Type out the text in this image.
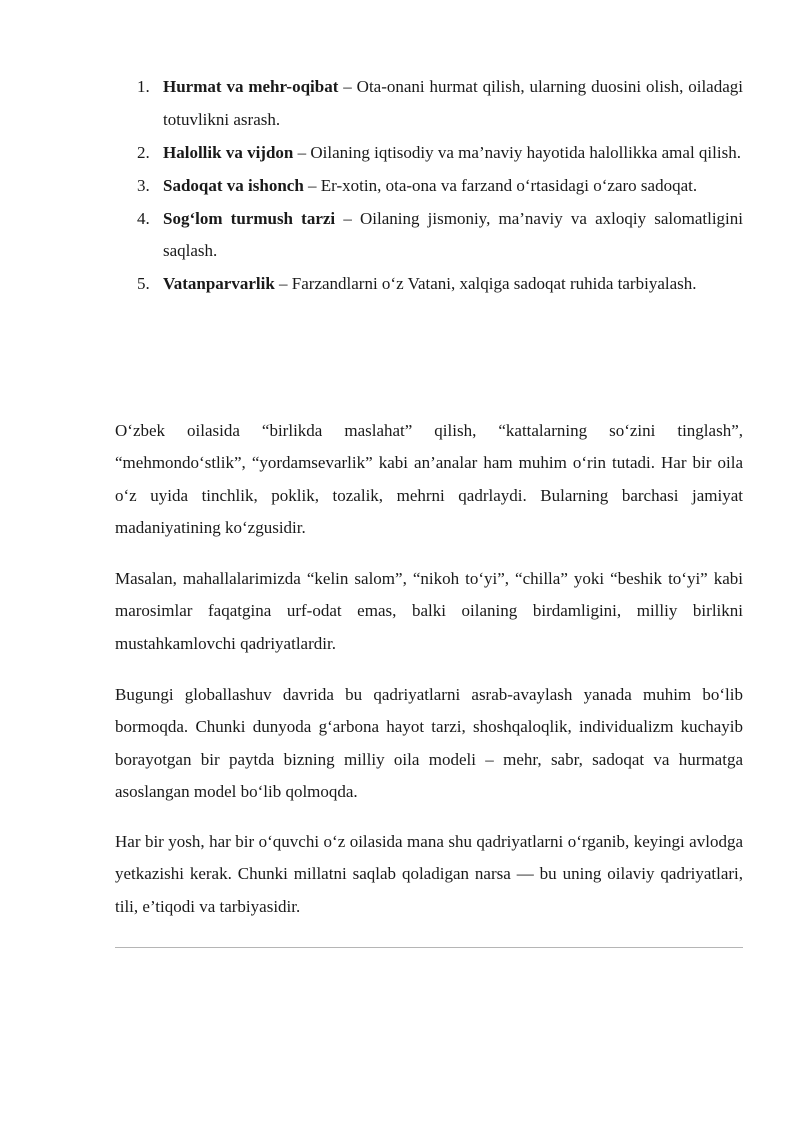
1. Hurmat va mehr-oqibat – Ota-onani hurmat qilish, ularning duosini olish, oiladagi totuvlikni asrash.
2. Halollik va vijdon – Oilaning iqtisodiy va ma’naviy hayotida halollikka amal qilish.
3. Sadoqat va ishonch – Er-xotin, ota-ona va farzand o‘rtasidagi o‘zaro sadoqat.
4. Sog‘lom turmush tarzi – Oilaning jismoniy, ma’naviy va axloqiy salomatligini saqlash.
5. Vatanparvarlik – Farzandlarni o‘z Vatani, xalqiga sadoqat ruhida tarbiyalash.

O‘zbek oilasida “birlikda maslahat” qilish, “kattalarning so‘zini tinglash”, “mehmondo‘stlik”, “yordamsevarlik” kabi an’analar ham muhim o‘rin tutadi. Har bir oila o‘z uyida tinchlik, poklik, tozalik, mehrni qadrlaydi. Bularning barchasi jamiyat madaniyatining ko‘zgusidir.

Masalan, mahallalarimizda “kelin salom”, “nikoh to‘yi”, “chilla” yoki “beshik to‘yi” kabi marosimlar faqatgina urf-odat emas, balki oilaning birdamligini, milliy birlikni mustahkamlovchi qadriyatlardir.

Bugungi globallashuv davrida bu qadriyatlarni asrab-avaylash yanada muhim bo‘lib bormoqda. Chunki dunyoda g‘arbona hayot tarzi, shoshqaloqlik, individualizm kuchayib borayotgan bir paytda bizning milliy oila modeli – mehr, sabr, sadoqat va hurmatga asoslangan model bo‘lib qolmoqda.

Har bir yosh, har bir o‘quvchi o‘z oilasida mana shu qadriyatlarni o‘rganib, keyingi avlodga yetkazishi kerak. Chunki millatni saqlab qoladigan narsa — bu uning oilaviy qadriyatlari, tili, e’tiqodi va tarbiyasidir.
